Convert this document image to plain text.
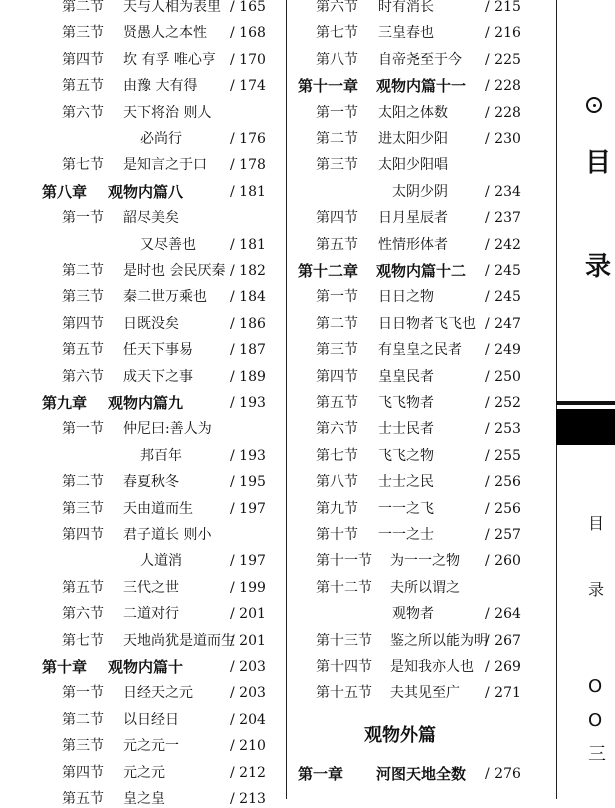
第二节 天与人相为表里 / 165
第三节 贤愚人之本性 / 168
第四节 坎 有孚 唯心亨 / 170
第五节 由豫 大有得 / 174
第六节 天下将治 则人
必尚行	/ 176
第七节 是知言之于口 / 178
第八章 观物内篇八	/ 181
第一节 韶尽美矣
又尽善也 / 181
第二节 是时也 会民厌秦 / 182
第三节 秦二世万乘也 / 184
第四节 日既没矣	/ 186
第五节 任天下事易	/ 187
第六节 成天下之事	/ 189
第九章 观物内篇九	/ 193
第一节 仲尼曰:善人为
邦百年	/ 193
第二节 春夏秋冬	/ 195
第三节 天由道而生	/ 197
第四节 君子道长 则小
人道消	/ 197
第五节 三代之世	/ 199
第六节 二道对行	/ 201
第七节 天地尚犹是道而生
/ 201
第十章 观物内篇十	/ 203
第一节 日经天之元	/ 203
第二节 以日经日	/ 204
第三节 元之元一	/ 210
第四节 元之元	/ 212
第五节 皇之皇	/ 213
第六节 时有消长	/ 215
第七节 三皇春也	/ 216
第八节 自帝尧至于今 / 225
第十一章 观物内篇十一 / 228
第一节 太阳之体数	/ 228
第二节 进太阳少阳	/ 230
第三节 太阳少阳唱
太阴少阴	/ 234
第四节 日月星辰者	/ 237
第五节 性情形体者	/ 242
第十二章 观物内篇十二 / 245
第一节 日日之物	/ 245
第二节 日日物者飞飞也 / 247
第三节 有皇皇之民者 / 249
第四节 皇皇民者	/ 250
第五节 飞飞物者	/ 252
第六节 士士民者	/ 253
第七节 飞飞之物	/ 255
第八节 士士之民	/ 256
第九节 一一之飞	/ 256
第十节 一一之士	/ 257
第十一节 为一一之物 / 260
第十二节 夫所以谓之
观物者	/ 264
第十三节 鉴之所以能为明
/ 267
第十四节 是知我亦人也 / 269
第十五节 夫其见至广 / 271
观物外篇
第一章 河图天地全数 / 276
目
录
目
录
O
O
三
